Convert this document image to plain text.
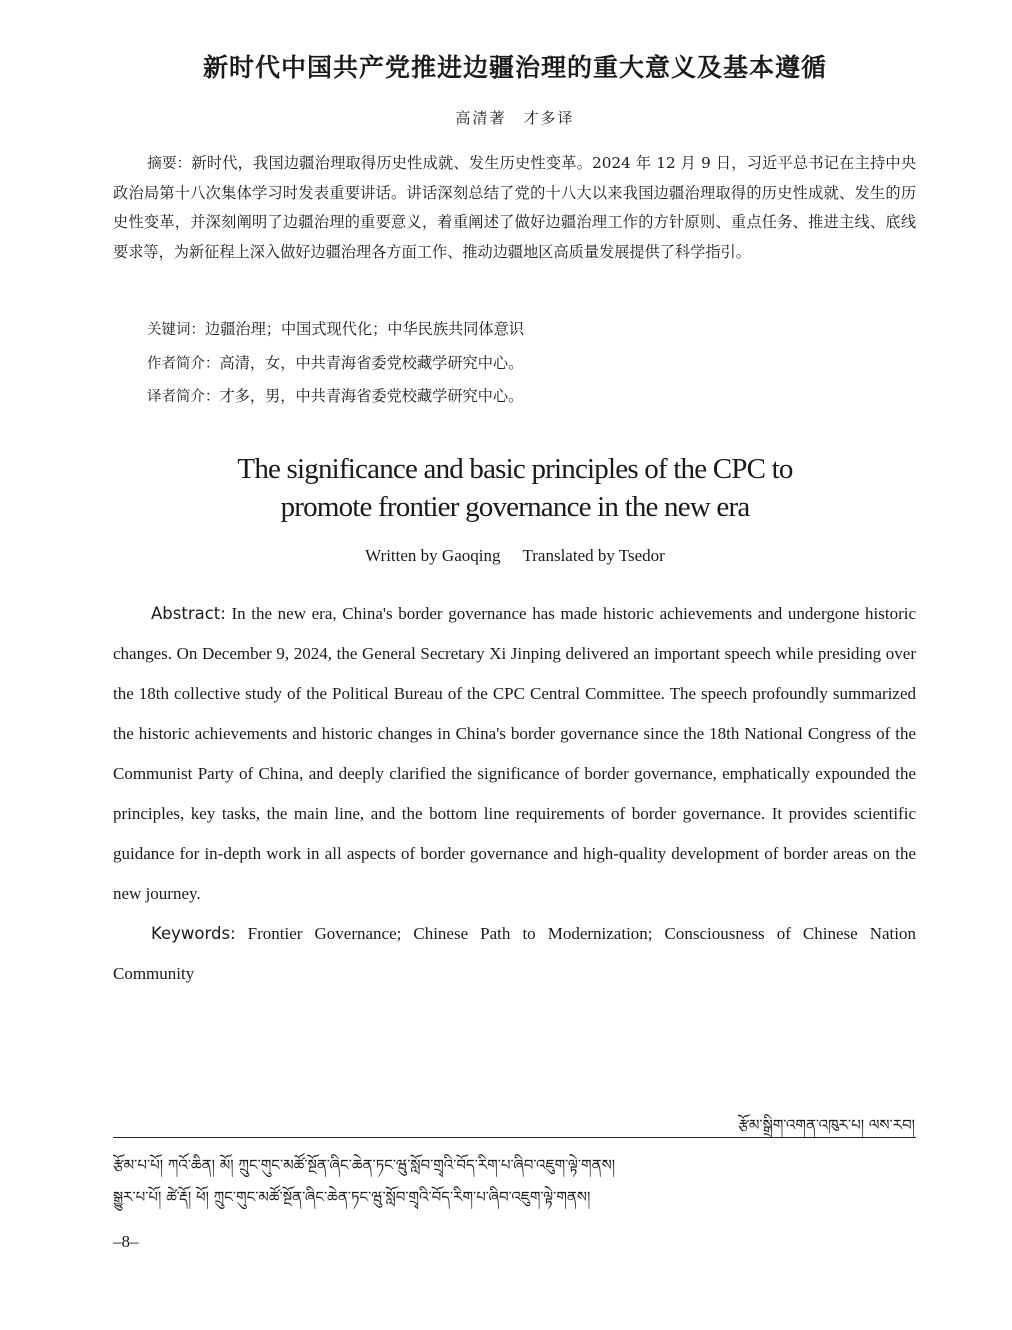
新时代中国共产党推进边疆治理的重大意义及基本遵循
高清著　才多译

摘要：新时代，我国边疆治理取得历史性成就、发生历史性变革。2024 年 12 月 9 日，习近平总书记在主持中央政治局第十八次集体学习时发表重要讲话。讲话深刻总结了党的十八大以来我国边疆治理取得的历史性成就、发生的历史性变革，并深刻阐明了边疆治理的重要意义，着重阐述了做好边疆治理工作的方针原则、重点任务、推进主线、底线要求等，为新征程上深入做好边疆治理各方面工作、推动边疆地区高质量发展提供了科学指引。

关键词：边疆治理；中国式现代化；中华民族共同体意识
作者简介：高清，女，中共青海省委党校藏学研究中心。
译者简介：才多，男，中共青海省委党校藏学研究中心。
The significance and basic principles of the CPC to
promote frontier governance in the new era
Written by Gaoqing Translated by Tsedor

Abstract: In the new era, China's border governance has made historic achievements and undergone historic changes. On December 9, 2024, the General Secretary Xi Jinping delivered an important speech while presiding over the 18th collective study of the Political Bureau of the CPC Central Committee. The speech profoundly summarized the historic achievements and historic changes in China's border governance since the 18th National Congress of the Communist Party of China, and deeply clarified the significance of border governance, emphatically expounded the principles, key tasks, the main line, and the bottom line requirements of border governance. It provides scientific guidance for in-depth work in all aspects of border governance and high-quality development of border areas on the new journey.

Keywords: Frontier Governance; Chinese Path to Modernization; Consciousness of Chinese Nation Community

རྩོམ་སྒྲིག་འགན་འཁུར་པ། ལས་རབ།
རྩོམ་པ་པོ། ཀའོ་ཆིན། མོ། ཀྲུང་གུང་མཚོ་སྔོན་ཞིང་ཆེན་ཏང་ཝུ་སློབ་གྲྭའི་བོད་རིག་པ་ཞིབ་འཇུག་ལྟེ་གནས།
སྒྱུར་པ་པོ། ཚེ་རྡོ། ཕོ། ཀྲུང་གུང་མཚོ་སྔོན་ཞིང་ཆེན་ཏང་ཝུ་སློབ་གྲྭའི་བོད་རིག་པ་ཞིབ་འཇུག་ལྟེ་གནས།
–8–
